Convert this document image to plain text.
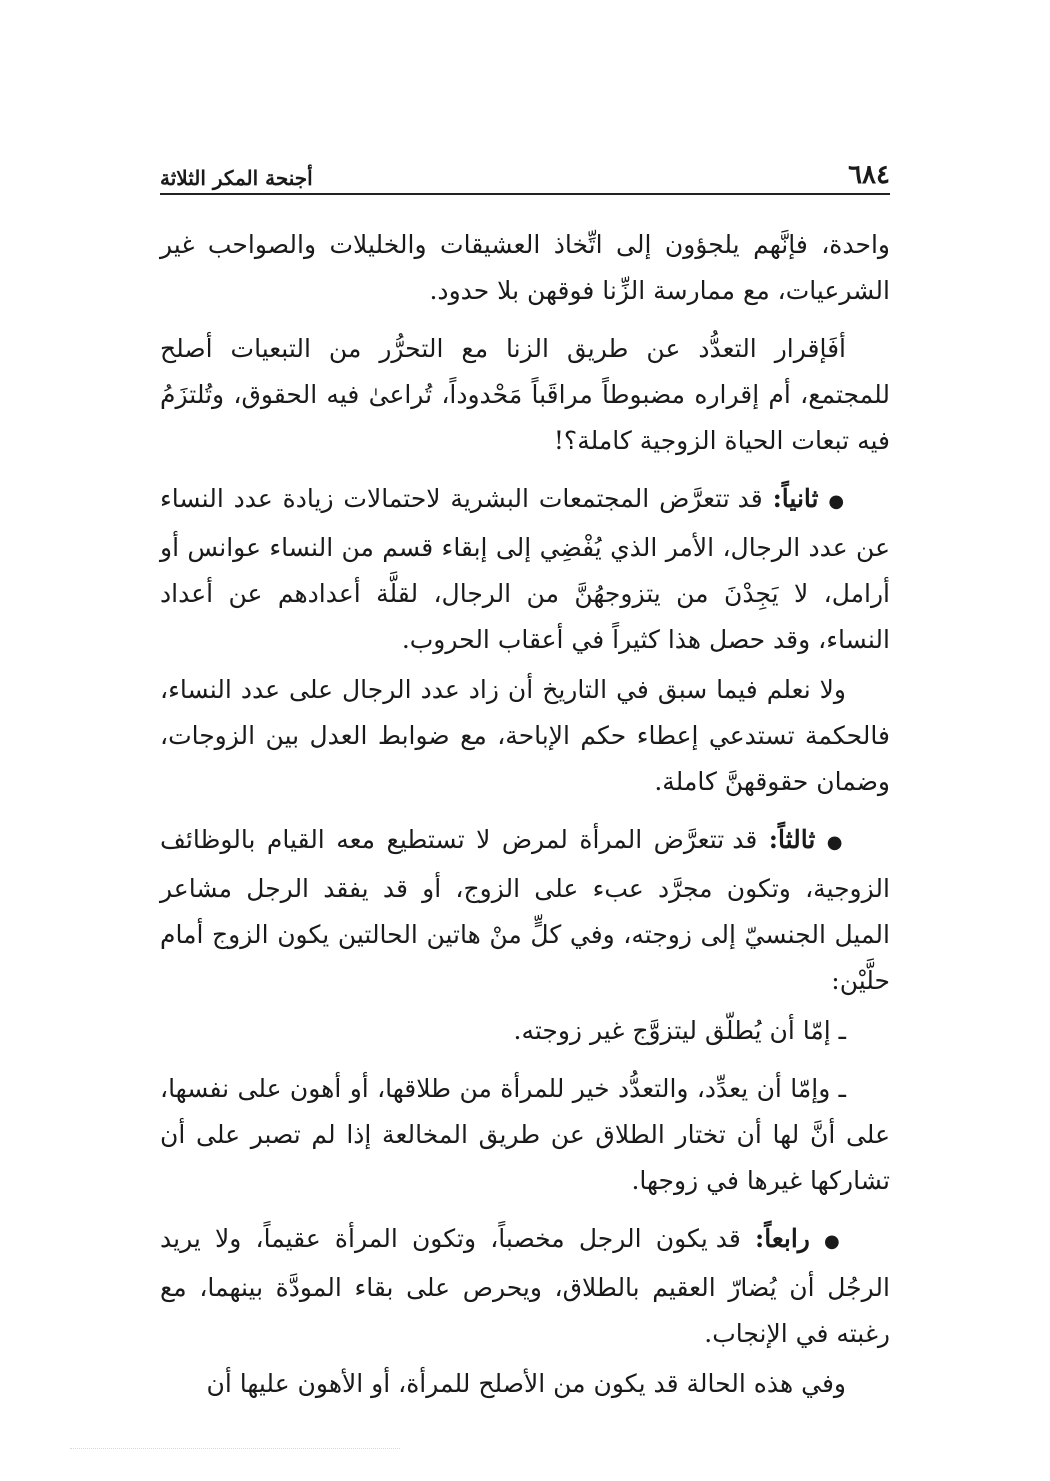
٦٨٤
أجنحة المكر الثلاثة

واحدة، فإنَّهم يلجؤون إلى اتِّخاذ العشيقات والخليلات والصواحب غير الشرعيات، مع ممارسة الزِّنا فوقهن بلا حدود.

أفَإقرار التعدُّد عن طريق الزنا مع التحرُّر من التبعيات أصلح للمجتمع، أم إقراره مضبوطاً مراقَباً مَحْدوداً، تُراعىٰ فيه الحقوق، وتُلتزَمُ فيه تبعات الحياة الزوجية كاملة؟!

● ثانياً: قد تتعرَّض المجتمعات البشرية لاحتمالات زيادة عدد النساء عن عدد الرجال، الأمر الذي يُفْضِي إلى إبقاء قسم من النساء عوانس أو أرامل، لا يَجِدْنَ من يتزوجهُنَّ من الرجال، لقلَّة أعدادهم عن أعداد النساء، وقد حصل هذا كثيراً في أعقاب الحروب.

ولا نعلم فيما سبق في التاريخ أن زاد عدد الرجال على عدد النساء، فالحكمة تستدعي إعطاء حكم الإباحة، مع ضوابط العدل بين الزوجات، وضمان حقوقهنَّ كاملة.

● ثالثاً: قد تتعرَّض المرأة لمرض لا تستطيع معه القيام بالوظائف الزوجية، وتكون مجرَّد عبء على الزوج، أو قد يفقد الرجل مشاعر الميل الجنسيّ إلى زوجته، وفي كلٍّ منْ هاتين الحالتين يكون الزوج أمام حلَّيْن:

ـ إمّا أن يُطلّق ليتزوَّج غير زوجته.

ـ وإمّا أن يعدِّد، والتعدُّد خير للمرأة من طلاقها، أو أهون على نفسها، على أنَّ لها أن تختار الطلاق عن طريق المخالعة إذا لم تصبر على أن تشاركها غيرها في زوجها.

● رابعاً: قد يكون الرجل مخصباً، وتكون المرأة عقيماً، ولا يريد الرجُل أن يُضارّ العقيم بالطلاق، ويحرص على بقاء المودَّة بينهما، مع رغبته في الإنجاب.

وفي هذه الحالة قد يكون من الأصلح للمرأة، أو الأهون عليها أن
